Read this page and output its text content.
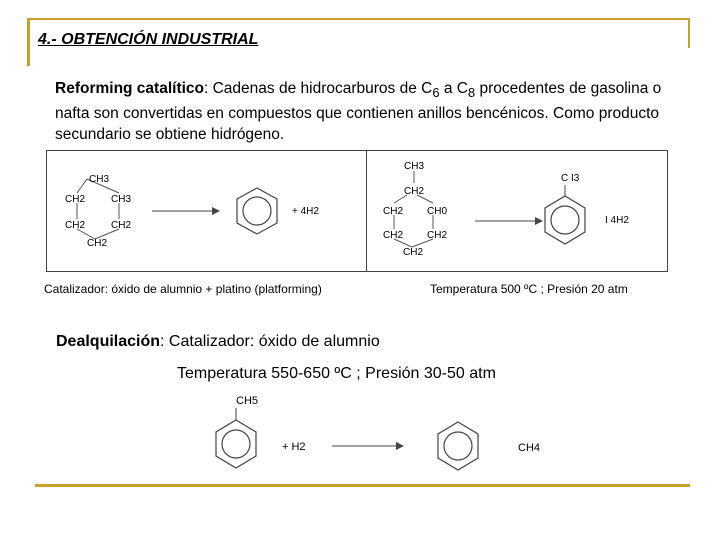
4.- OBTENCIÓN INDUSTRIAL
Reforming catalítico: Cadenas de hidrocarburos de $C_6$ a $C_8$ procedentes de gasolina o nafta son convertidas en compuestos que contienen anillos bencénicos. Como producto secundario se obtiene hidrógeno.
CH3
CH2	CH3
CH2	CH2
CH2
+ 4H2
CH3
CH2
CH2 CH0
CH2 CH2
CH2
C I3
I 4H2
Catalizador: óxido de alumnio + platino (platforming)	Temperatura 500 ºC ; Presión 20 atm
Dealquilación: Catalizador: óxido de alumnio
Temperatura 550-650 ºC ; Presión 30-50 atm
CH5
+ H2	CH4
